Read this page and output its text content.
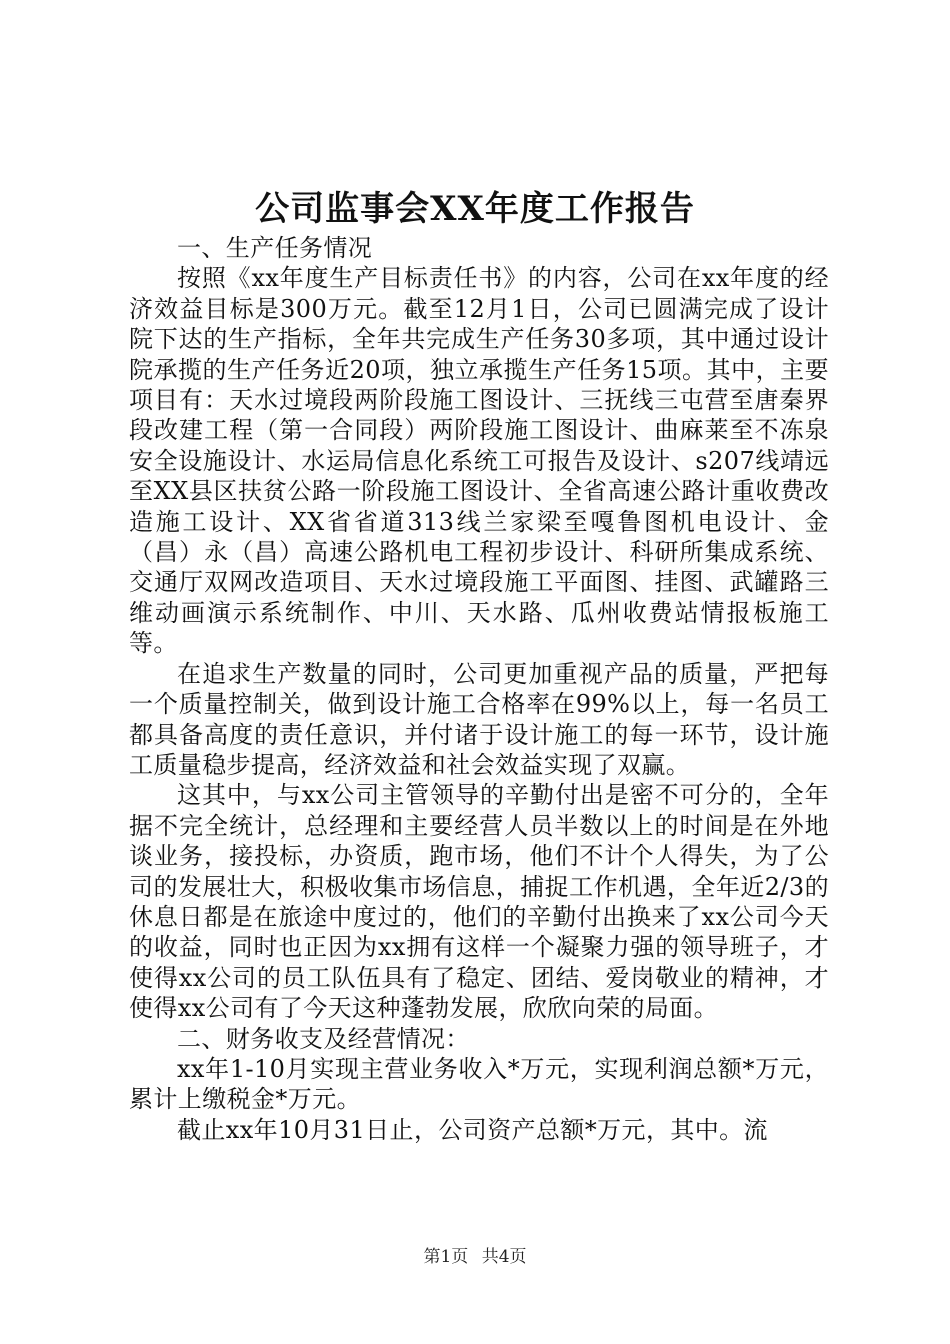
公司监事会XX年度工作报告

一、生产任务情况

按照《xx年度生产目标责任书》的内容，公司在xx年度的经济效益目标是300万元。截至12月1日，公司已圆满完成了设计院下达的生产指标，全年共完成生产任务30多项，其中通过设计院承揽的生产任务近20项，独立承揽生产任务15项。其中，主要项目有：天水过境段两阶段施工图设计、三抚线三屯营至唐秦界段改建工程（第一合同段）两阶段施工图设计、曲麻莱至不冻泉安全设施设计、水运局信息化系统工可报告及设计、s207线靖远至XX县区扶贫公路一阶段施工图设计、全省高速公路计重收费改造施工设计、XX省省道313线兰家梁至嘎鲁图机电设计、金（昌）永（昌）高速公路机电工程初步设计、科研所集成系统、交通厅双网改造项目、天水过境段施工平面图、挂图、武罐路三维动画演示系统制作、中川、天水路、瓜州收费站情报板施工等。

在追求生产数量的同时，公司更加重视产品的质量，严把每一个质量控制关，做到设计施工合格率在99%以上，每一名员工都具备高度的责任意识，并付诸于设计施工的每一环节，设计施工质量稳步提高，经济效益和社会效益实现了双赢。

这其中，与xx公司主管领导的辛勤付出是密不可分的，全年据不完全统计，总经理和主要经营人员半数以上的时间是在外地谈业务，接投标，办资质，跑市场，他们不计个人得失，为了公司的发展壮大，积极收集市场信息，捕捉工作机遇，全年近2/3的休息日都是在旅途中度过的，他们的辛勤付出换来了xx公司今天的收益，同时也正因为xx拥有这样一个凝聚力强的领导班子，才使得xx公司的员工队伍具有了稳定、团结、爱岗敬业的精神，才使得xx公司有了今天这种蓬勃发展，欣欣向荣的局面。

二、财务收支及经营情况：

xx年1-10月实现主营业务收入*万元，实现利润总额*万元，累计上缴税金*万元。

截止xx年10月31日止，公司资产总额*万元，其中。流

第1页 共4页
